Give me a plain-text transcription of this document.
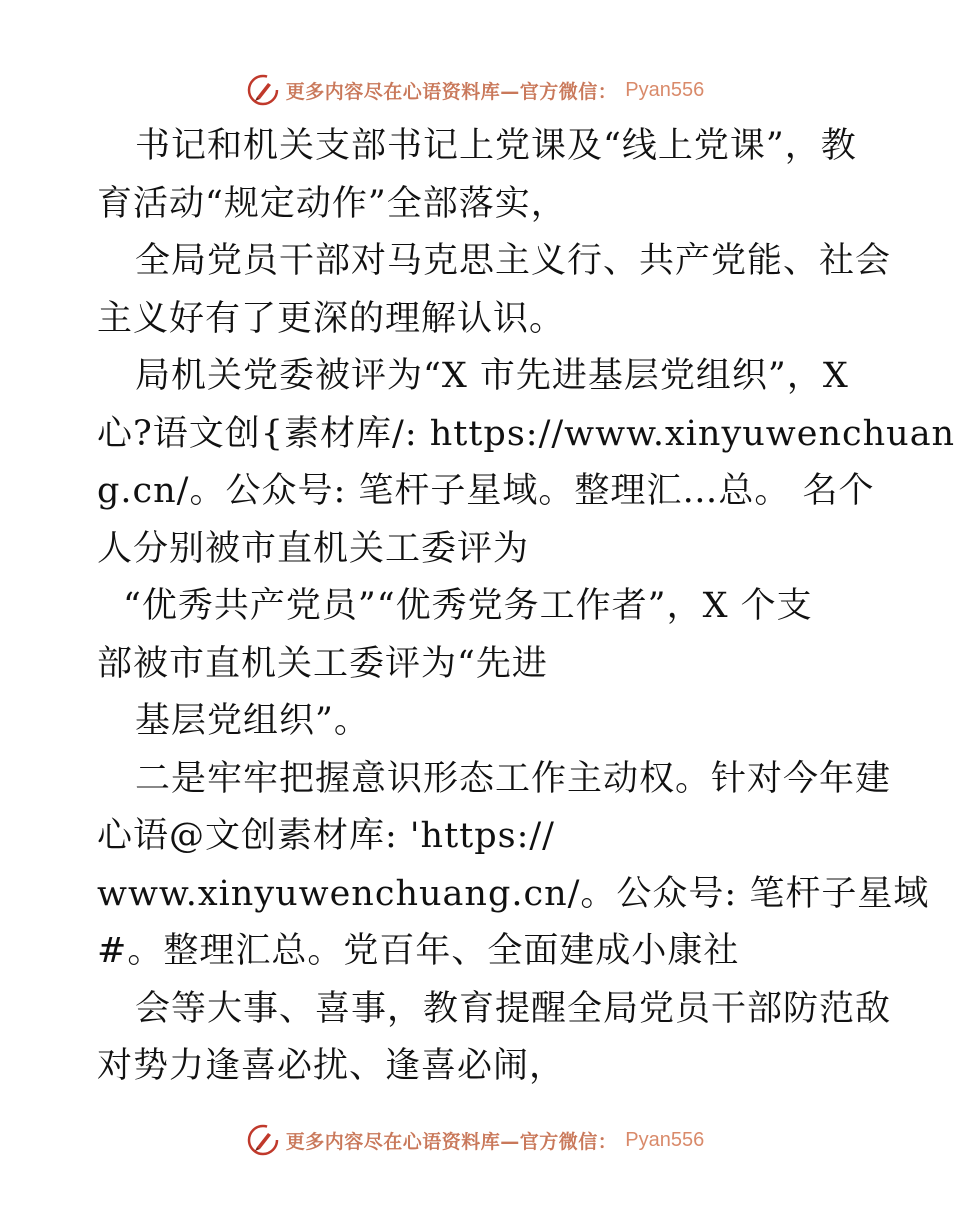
更多内容尽在心语资料库—官方微信： Pyan556
书记和机关支部书记上党课及“线上党课”，教
育活动“规定动作”全部落实，
全局党员干部对马克思主义行、共产党能、社会
主义好有了更深的理解认识。
局机关党委被评为“X 市先进基层党组织”，X
心?语文创{素材库/: https://www.xinyuwenchuan
g.cn/。公众号: 笔杆子星域。整理汇…总。 名个
人分别被市直机关工委评为
“优秀共产党员”“优秀党务工作者”，X 个支
部被市直机关工委评为“先进
基层党组织”。
二是牢牢把握意识形态工作主动权。针对今年建
心语@文创素材库: 'https://
www.xinyuwenchuang.cn/。公众号: 笔杆子星域
#。整理汇总。党百年、全面建成小康社
会等大事、喜事，教育提醒全局党员干部防范敌
对势力逢喜必扰、逢喜必闹，
更多内容尽在心语资料库—官方微信： Pyan556
